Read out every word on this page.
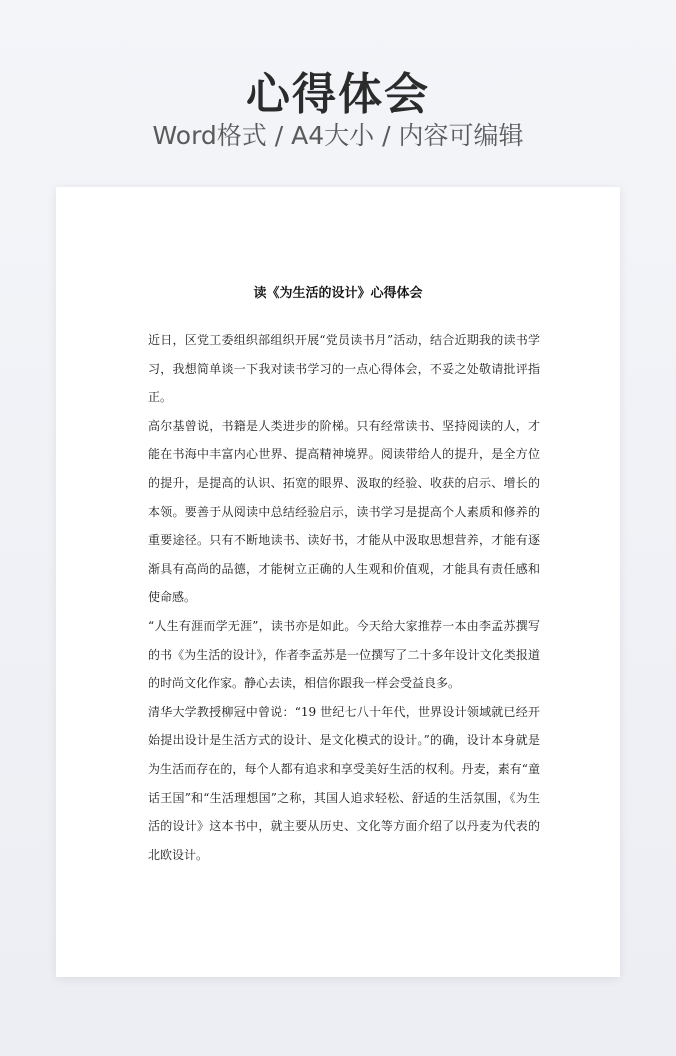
心得体会
Word格式 / A4大小 / 内容可编辑
读《为生活的设计》心得体会

近日，区党工委组织部组织开展“党员读书月”活动，结合近期我的读书学习，我想简单谈一下我对读书学习的一点心得体会，不妥之处敬请批评指正。

高尔基曾说，书籍是人类进步的阶梯。只有经常读书、坚持阅读的人，才能在书海中丰富内心世界、提高精神境界。阅读带给人的提升，是全方位的提升，是提高的认识、拓宽的眼界、汲取的经验、收获的启示、增长的本领。要善于从阅读中总结经验启示，读书学习是提高个人素质和修养的重要途径。只有不断地读书、读好书，才能从中汲取思想营养，才能有逐渐具有高尚的品德，才能树立正确的人生观和价值观，才能具有责任感和使命感。

“人生有涯而学无涯”，读书亦是如此。今天给大家推荐一本由李孟苏撰写的书《为生活的设计》，作者李孟苏是一位撰写了二十多年设计文化类报道的时尚文化作家。静心去读，相信你跟我一样会受益良多。

清华大学教授柳冠中曾说：“19 世纪七八十年代，世界设计领域就已经开始提出设计是生活方式的设计、是文化模式的设计。”的确，设计本身就是为生活而存在的，每个人都有追求和享受美好生活的权利。丹麦，素有“童话王国”和“生活理想国”之称，其国人追求轻松、舒适的生活氛围，《为生活的设计》这本书中，就主要从历史、文化等方面介绍了以丹麦为代表的北欧设计。
